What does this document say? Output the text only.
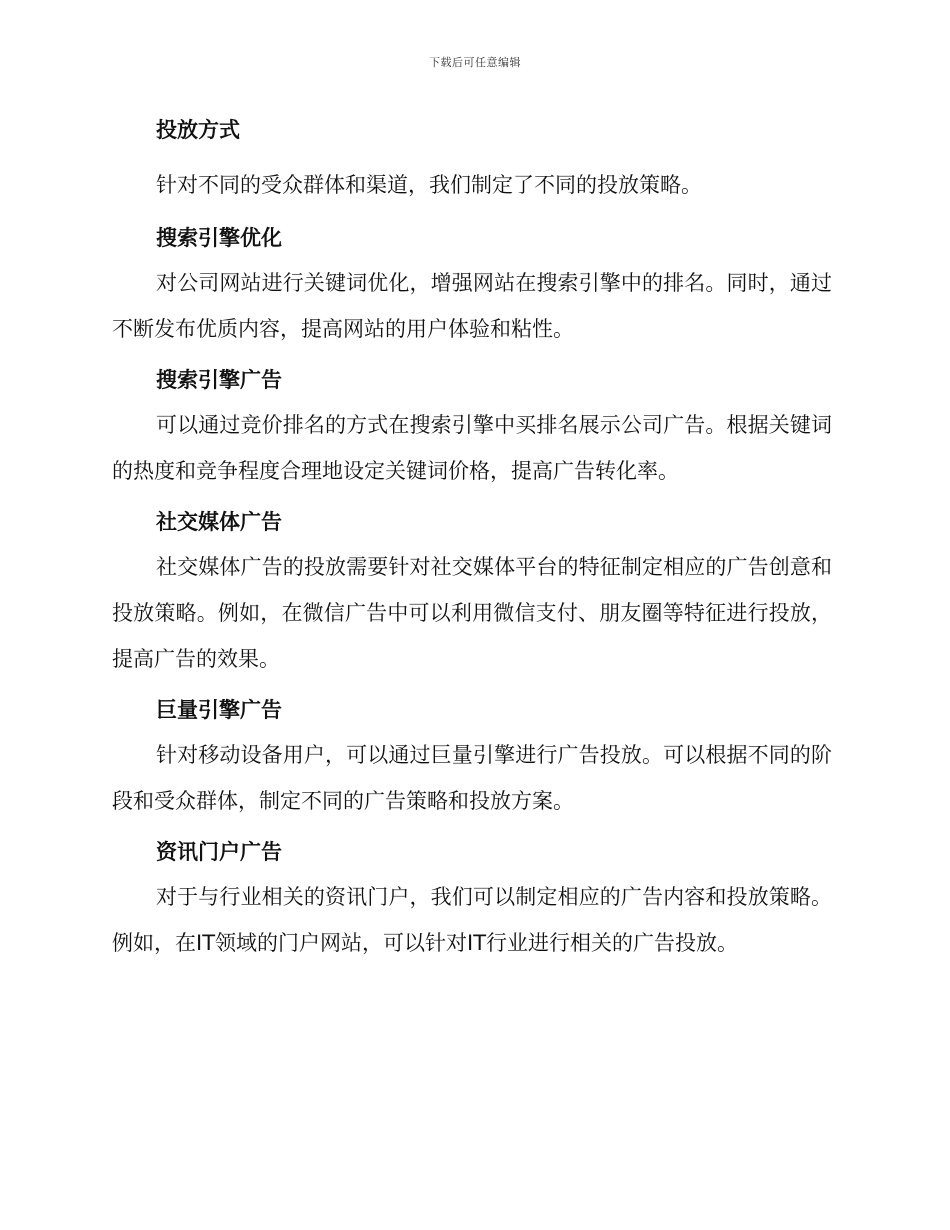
下载后可任意编辑
投放方式

针对不同的受众群体和渠道，我们制定了不同的投放策略。

搜索引擎优化

对公司网站进行关键词优化，增强网站在搜索引擎中的排名。同时，通过不断发布优质内容，提高网站的用户体验和粘性。

搜索引擎广告

可以通过竞价排名的方式在搜索引擎中买排名展示公司广告。根据关键词的热度和竞争程度合理地设定关键词价格，提高广告转化率。

社交媒体广告

社交媒体广告的投放需要针对社交媒体平台的特征制定相应的广告创意和投放策略。例如，在微信广告中可以利用微信支付、朋友圈等特征进行投放，提高广告的效果。

巨量引擎广告

针对移动设备用户，可以通过巨量引擎进行广告投放。可以根据不同的阶段和受众群体，制定不同的广告策略和投放方案。

资讯门户广告

对于与行业相关的资讯门户，我们可以制定相应的广告内容和投放策略。例如，在IT领域的门户网站，可以针对IT行业进行相关的广告投放。
